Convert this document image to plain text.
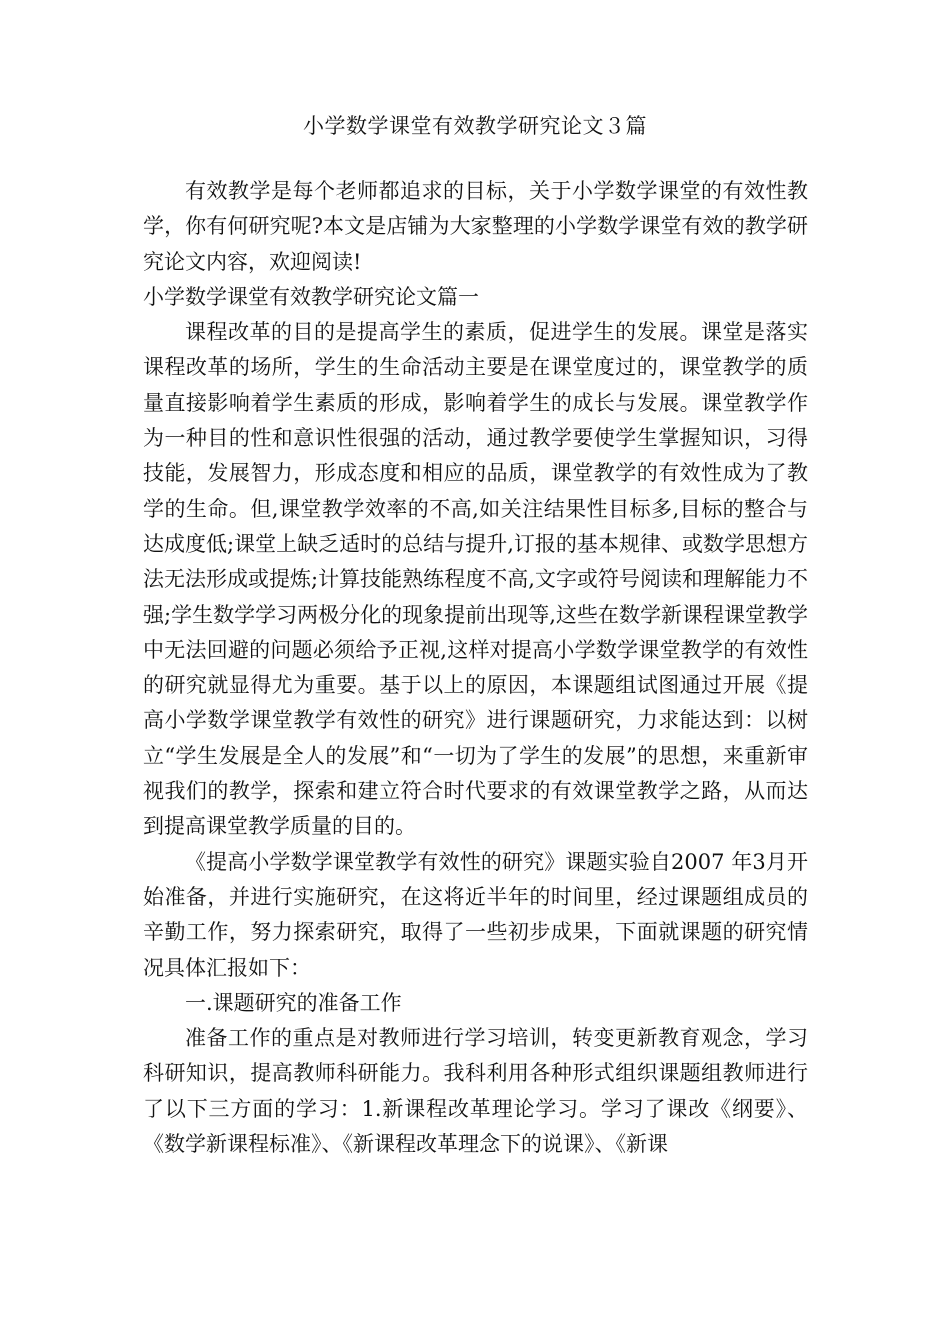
小学数学课堂有效教学研究论文３篇

有效教学是每个老师都追求的目标，关于小学数学课堂的有效性教学，你有何研究呢?本文是店铺为大家整理的小学数学课堂有效的教学研究论文内容，欢迎阅读!

小学数学课堂有效教学研究论文篇一

课程改革的目的是提高学生的素质，促进学生的发展。课堂是落实课程改革的场所，学生的生命活动主要是在课堂度过的，课堂教学的质量直接影响着学生素质的形成，影响着学生的成长与发展。课堂教学作为一种目的性和意识性很强的活动，通过教学要使学生掌握知识，习得技能，发展智力，形成态度和相应的品质，课堂教学的有效性成为了教学的生命。但,课堂教学效率的不高,如关注结果性目标多,目标的整合与达成度低;课堂上缺乏适时的总结与提升,订报的基本规律、或数学思想方法无法形成或提炼;计算技能熟练程度不高,文字或符号阅读和理解能力不强;学生数学学习两极分化的现象提前出现等,这些在数学新课程课堂教学中无法回避的问题必须给予正视,这样对提高小学数学课堂教学的有效性的研究就显得尤为重要。基于以上的原因，本课题组试图通过开展《提高小学数学课堂教学有效性的研究》进行课题研究，力求能达到：以树立“学生发展是全人的发展”和“一切为了学生的发展”的思想，来重新审视我们的教学，探索和建立符合时代要求的有效课堂教学之路，从而达到提高课堂教学质量的目的。

《提高小学数学课堂教学有效性的研究》课题实验自2007 年3月开始准备，并进行实施研究，在这将近半年的时间里，经过课题组成员的辛勤工作，努力探索研究，取得了一些初步成果，下面就课题的研究情况具体汇报如下：

一.课题研究的准备工作

准备工作的重点是对教师进行学习培训，转变更新教育观念，学习科研知识，提高教师科研能力。我科利用各种形式组织课题组教师进行了以下三方面的学习：1.新课程改革理论学习。学习了课改《纲要》、《数学新课程标准》、《新课程改革理念下的说课》、《新课
